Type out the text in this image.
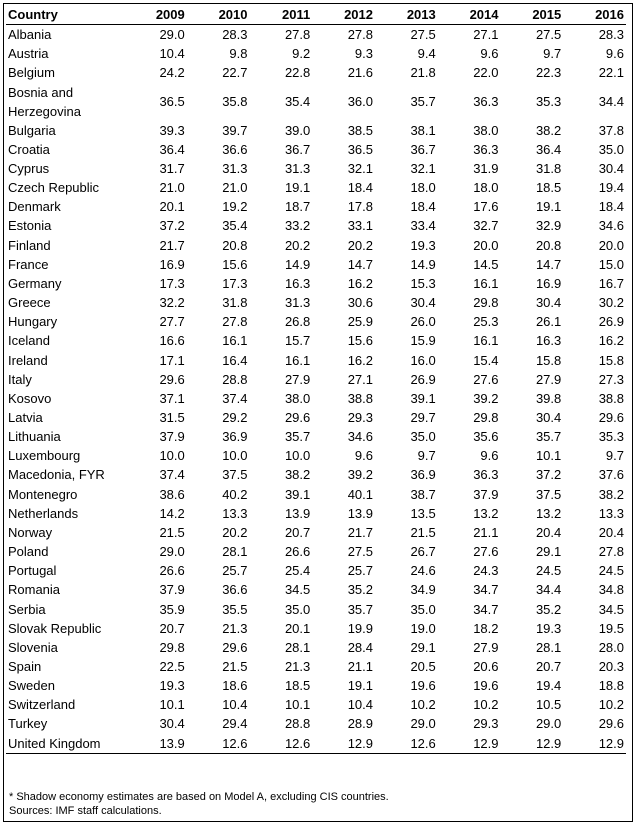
Country	2009	2010	2011	2012	2013	2014	2015	2016
Albania	29.0	28.3	27.8	27.8	27.5	27.1	27.5	28.3
Austria	10.4	9.8	9.2	9.3	9.4	9.6	9.7	9.6
Belgium	24.2	22.7	22.8	21.6	21.8	22.0	22.3	22.1
Bosnia and Herzegovina	36.5	35.8	35.4	36.0	35.7	36.3	35.3	34.4
Bulgaria	39.3	39.7	39.0	38.5	38.1	38.0	38.2	37.8
Croatia	36.4	36.6	36.7	36.5	36.7	36.3	36.4	35.0
Cyprus	31.7	31.3	31.3	32.1	32.1	31.9	31.8	30.4
Czech Republic	21.0	21.0	19.1	18.4	18.0	18.0	18.5	19.4
Denmark	20.1	19.2	18.7	17.8	18.4	17.6	19.1	18.4
Estonia	37.2	35.4	33.2	33.1	33.4	32.7	32.9	34.6
Finland	21.7	20.8	20.2	20.2	19.3	20.0	20.8	20.0
France	16.9	15.6	14.9	14.7	14.9	14.5	14.7	15.0
Germany	17.3	17.3	16.3	16.2	15.3	16.1	16.9	16.7
Greece	32.2	31.8	31.3	30.6	30.4	29.8	30.4	30.2
Hungary	27.7	27.8	26.8	25.9	26.0	25.3	26.1	26.9
Iceland	16.6	16.1	15.7	15.6	15.9	16.1	16.3	16.2
Ireland	17.1	16.4	16.1	16.2	16.0	15.4	15.8	15.8
Italy	29.6	28.8	27.9	27.1	26.9	27.6	27.9	27.3
Kosovo	37.1	37.4	38.0	38.8	39.1	39.2	39.8	38.8
Latvia	31.5	29.2	29.6	29.3	29.7	29.8	30.4	29.6
Lithuania	37.9	36.9	35.7	34.6	35.0	35.6	35.7	35.3
Luxembourg	10.0	10.0	10.0	9.6	9.7	9.6	10.1	9.7
Macedonia, FYR	37.4	37.5	38.2	39.2	36.9	36.3	37.2	37.6
Montenegro	38.6	40.2	39.1	40.1	38.7	37.9	37.5	38.2
Netherlands	14.2	13.3	13.9	13.9	13.5	13.2	13.2	13.3
Norway	21.5	20.2	20.7	21.7	21.5	21.1	20.4	20.4
Poland	29.0	28.1	26.6	27.5	26.7	27.6	29.1	27.8
Portugal	26.6	25.7	25.4	25.7	24.6	24.3	24.5	24.5
Romania	37.9	36.6	34.5	35.2	34.9	34.7	34.4	34.8
Serbia	35.9	35.5	35.0	35.7	35.0	34.7	35.2	34.5
Slovak Republic	20.7	21.3	20.1	19.9	19.0	18.2	19.3	19.5
Slovenia	29.8	29.6	28.1	28.4	29.1	27.9	28.1	28.0
Spain	22.5	21.5	21.3	21.1	20.5	20.6	20.7	20.3
Sweden	19.3	18.6	18.5	19.1	19.6	19.6	19.4	18.8
Switzerland	10.1	10.4	10.1	10.4	10.2	10.2	10.5	10.2
Turkey	30.4	29.4	28.8	28.9	29.0	29.3	29.0	29.6
United Kingdom	13.9	12.6	12.6	12.9	12.6	12.9	12.9	12.9
* Shadow economy estimates are based on Model A, excluding CIS countries.
Sources: IMF staff calculations.
